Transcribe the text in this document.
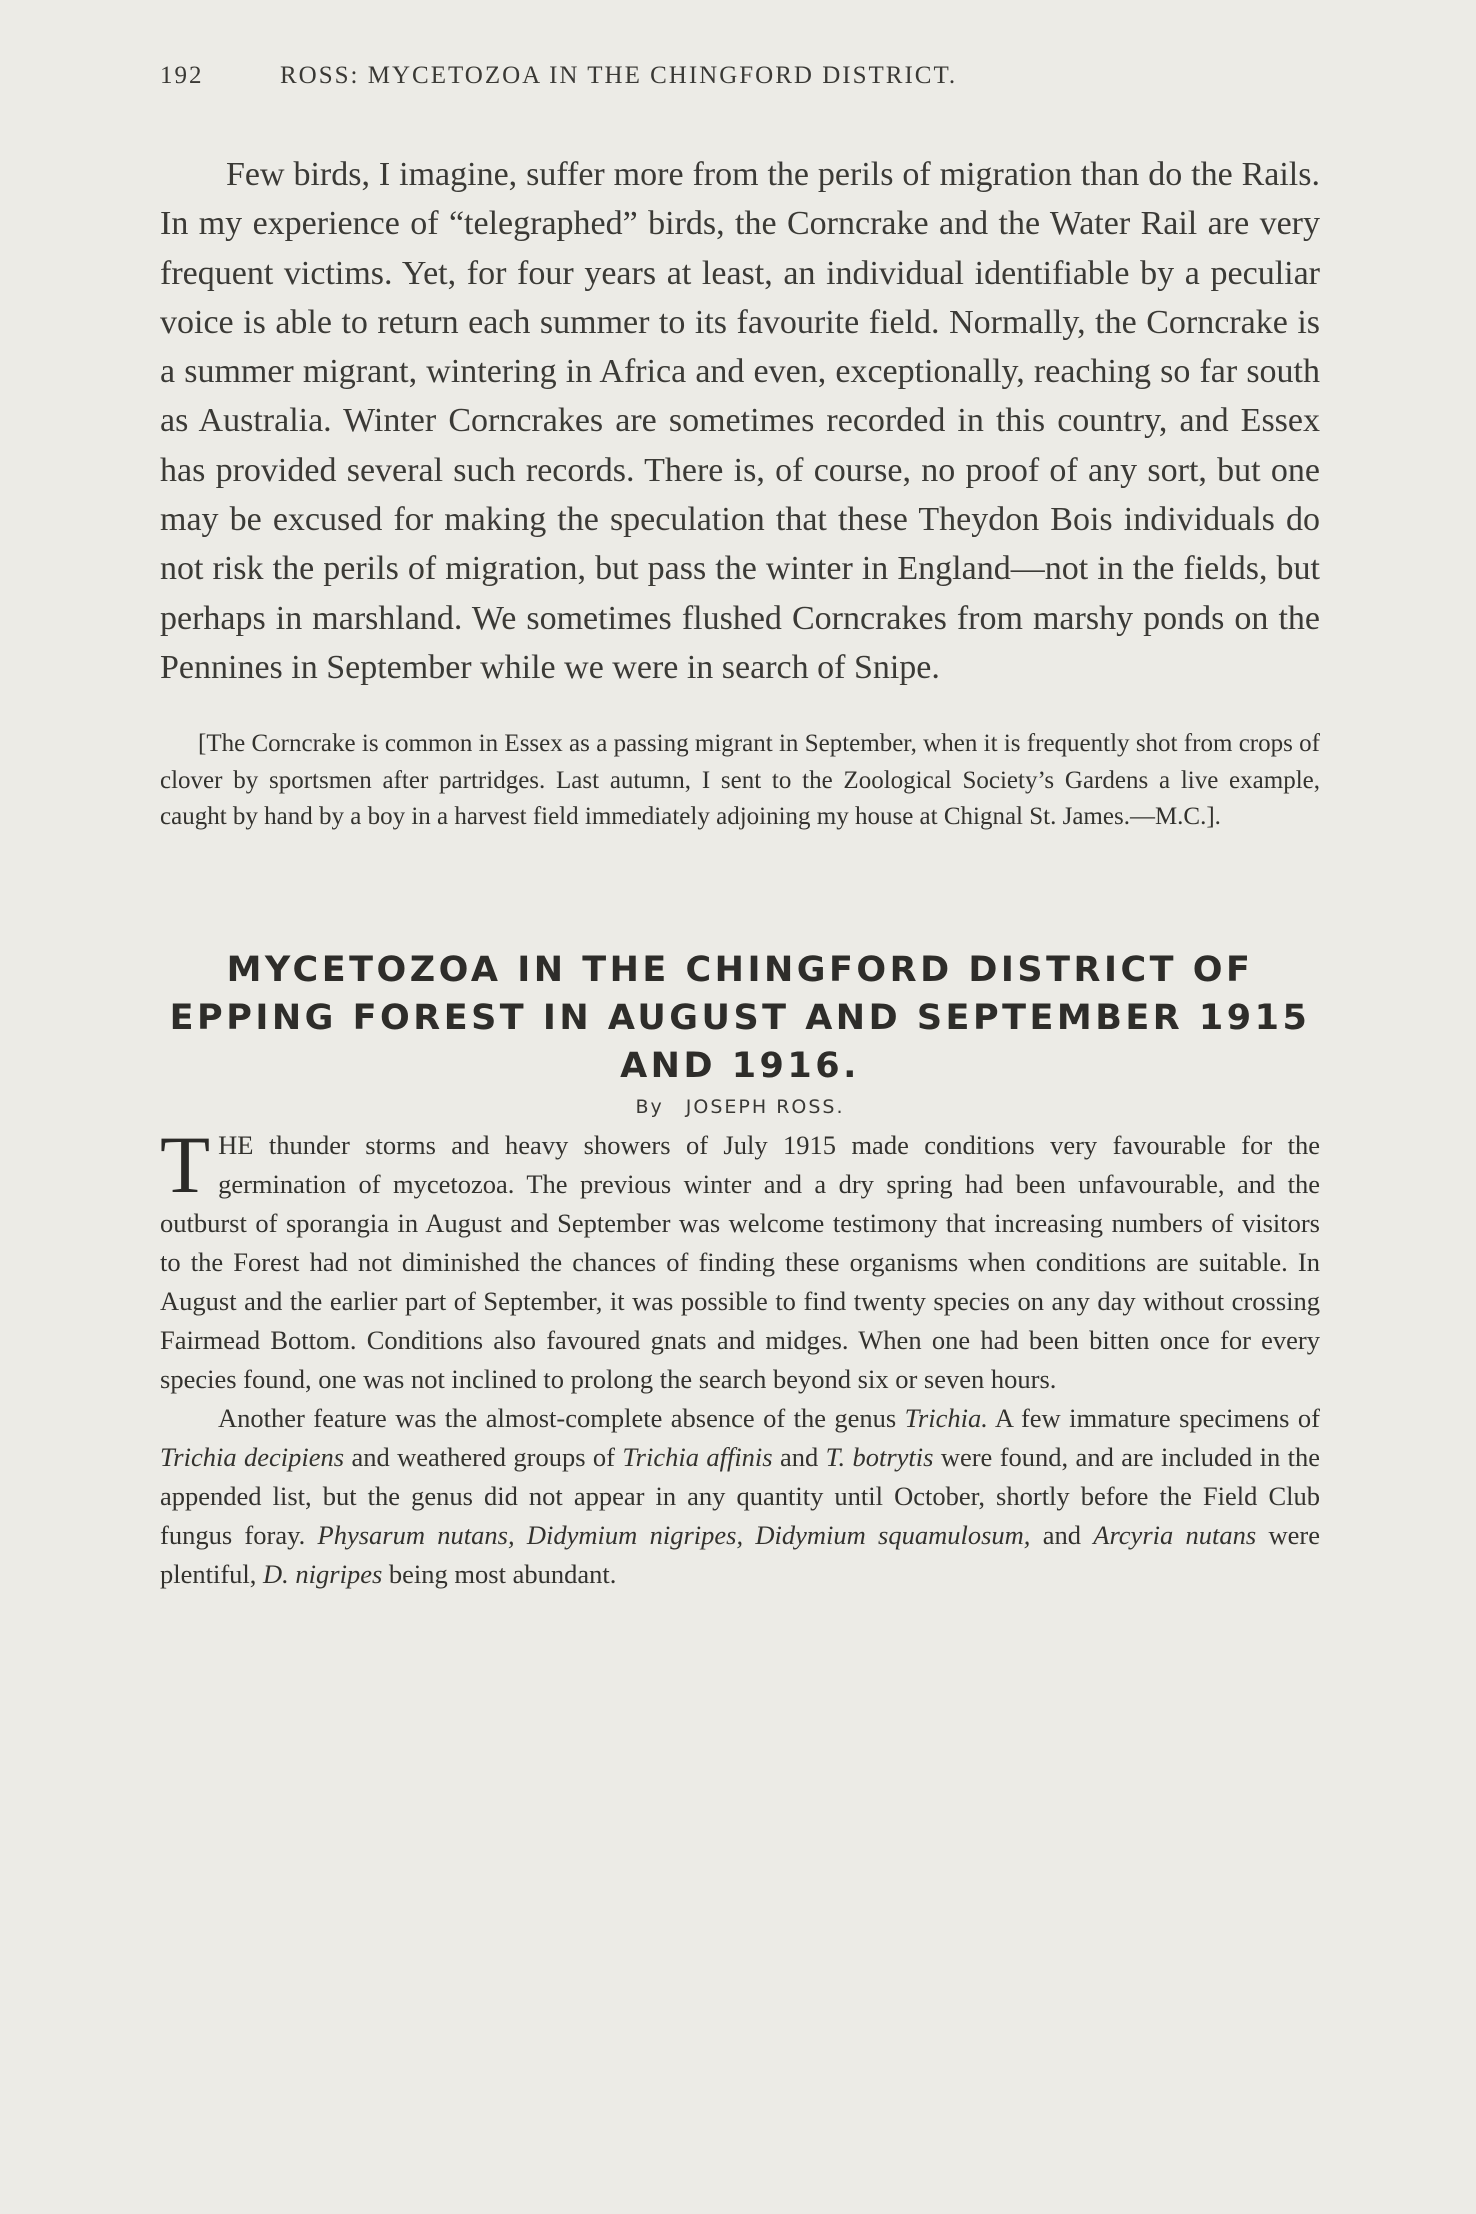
192	ROSS: MYCETOZOA IN THE CHINGFORD DISTRICT.

Few birds, I imagine, suffer more from the perils of migration than do the Rails. In my experience of “telegraphed” birds, the Corncrake and the Water Rail are very frequent victims. Yet, for four years at least, an individual identifiable by a peculiar voice is able to return each summer to its favourite field. Normally, the Corncrake is a summer migrant, wintering in Africa and even, exceptionally, reaching so far south as Australia. Winter Corncrakes are sometimes recorded in this country, and Essex has provided several such records. There is, of course, no proof of any sort, but one may be excused for making the speculation that these Theydon Bois individuals do not risk the perils of migration, but pass the winter in England—not in the fields, but perhaps in marshland. We sometimes flushed Corncrakes from marshy ponds on the Pennines in September while we were in search of Snipe.

[The Corncrake is common in Essex as a passing migrant in September, when it is frequently shot from crops of clover by sportsmen after partridges. Last autumn, I sent to the Zoological Society’s Gardens a live example, caught by hand by a boy in a harvest field immediately adjoining my house at Chignal St. James.—M.C.].

MYCETOZOA IN THE CHINGFORD DISTRICT OF EPPING FOREST IN AUGUST AND SEPTEMBER 1915 AND 1916.
By JOSEPH ROSS.

THE thunder storms and heavy showers of July 1915 made conditions very favourable for the germination of mycetozoa. The previous winter and a dry spring had been unfavourable, and the outburst of sporangia in August and September was welcome testimony that increasing numbers of visitors to the Forest had not diminished the chances of finding these organisms when conditions are suitable. In August and the earlier part of September, it was possible to find twenty species on any day without crossing Fairmead Bottom. Conditions also favoured gnats and midges. When one had been bitten once for every species found, one was not inclined to prolong the search beyond six or seven hours.

Another feature was the almost-complete absence of the genus Trichia. A few immature specimens of Trichia decipiens and weathered groups of Trichia affinis and T. botrytis were found, and are included in the appended list, but the genus did not appear in any quantity until October, shortly before the Field Club fungus foray. Physarum nutans, Didymium nigripes, Didymium squamulosum, and Arcyria nutans were plentiful, D. nigripes being most abundant.
